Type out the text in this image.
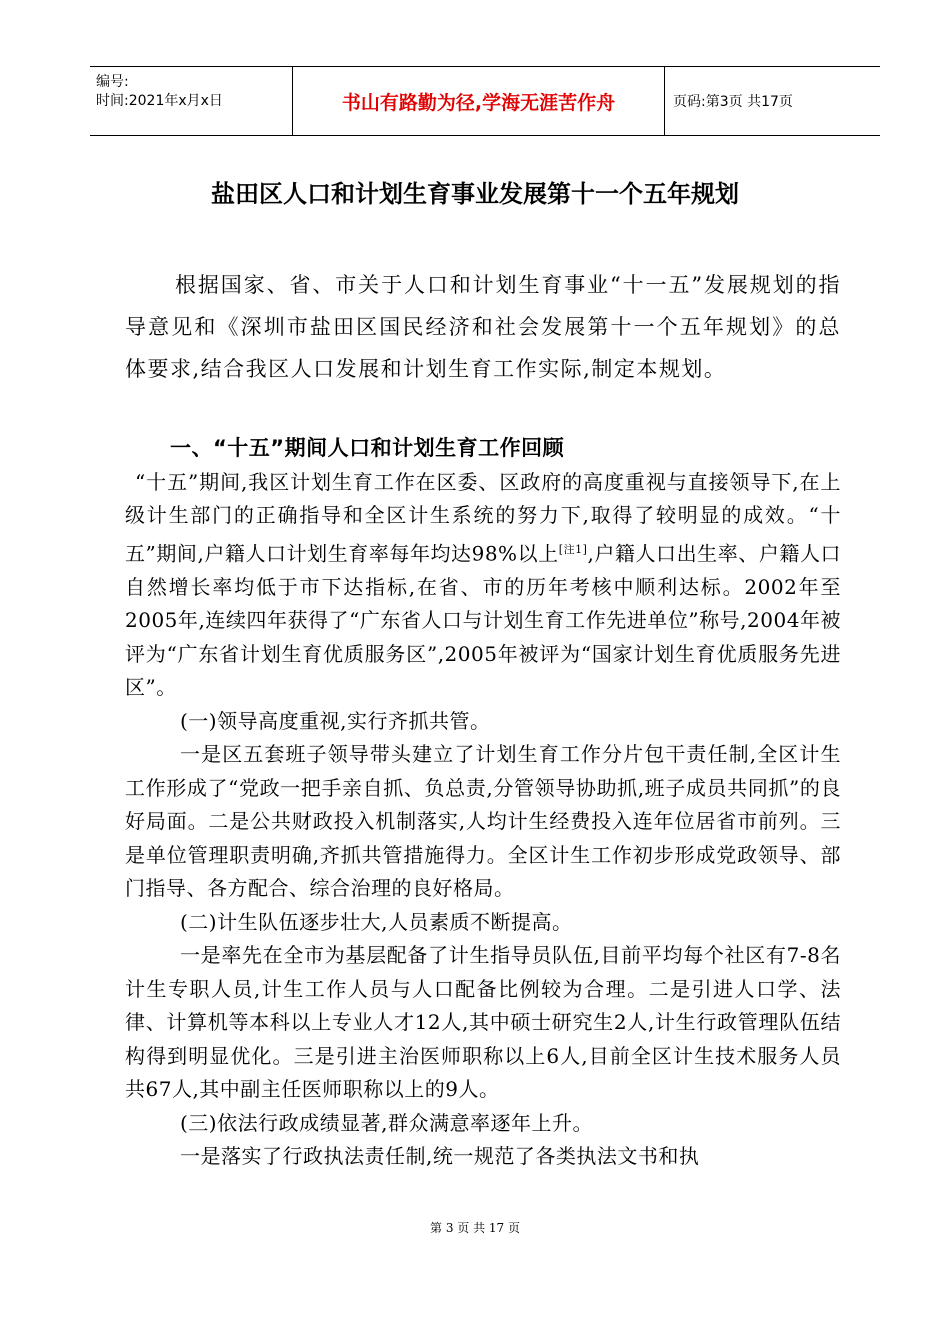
编号:
时间:2021年x月x日	书山有路勤为径,学海无涯苦作舟	页码:第3页 共17页
盐田区人口和计划生育事业发展第十一个五年规划

根据国家、省、市关于人口和计划生育事业“十一五”发展规划的指导意见和《深圳市盐田区国民经济和社会发展第十一个五年规划》的总体要求,结合我区人口发展和计划生育工作实际,制定本规划。

一、“十五”期间人口和计划生育工作回顾

“十五”期间,我区计划生育工作在区委、区政府的高度重视与直接领导下,在上级计生部门的正确指导和全区计生系统的努力下,取得了较明显的成效。“十五”期间,户籍人口计划生育率每年均达98%以上[注1],户籍人口出生率、户籍人口自然增长率均低于市下达指标,在省、市的历年考核中顺利达标。2002年至2005年,连续四年获得了“广东省人口与计划生育工作先进单位”称号,2004年被评为“广东省计划生育优质服务区”,2005年被评为“国家计划生育优质服务先进区”。

(一)领导高度重视,实行齐抓共管。

一是区五套班子领导带头建立了计划生育工作分片包干责任制,全区计生工作形成了“党政一把手亲自抓、负总责,分管领导协助抓,班子成员共同抓”的良好局面。二是公共财政投入机制落实,人均计生经费投入连年位居省市前列。三是单位管理职责明确,齐抓共管措施得力。全区计生工作初步形成党政领导、部门指导、各方配合、综合治理的良好格局。

(二)计生队伍逐步壮大,人员素质不断提高。

一是率先在全市为基层配备了计生指导员队伍,目前平均每个社区有7-8名计生专职人员,计生工作人员与人口配备比例较为合理。二是引进人口学、法律、计算机等本科以上专业人才12人,其中硕士研究生2人,计生行政管理队伍结构得到明显优化。三是引进主治医师职称以上6人,目前全区计生技术服务人员共67人,其中副主任医师职称以上的9人。

(三)依法行政成绩显著,群众满意率逐年上升。

一是落实了行政执法责任制,统一规范了各类执法文书和执

第 3 页 共 17 页
